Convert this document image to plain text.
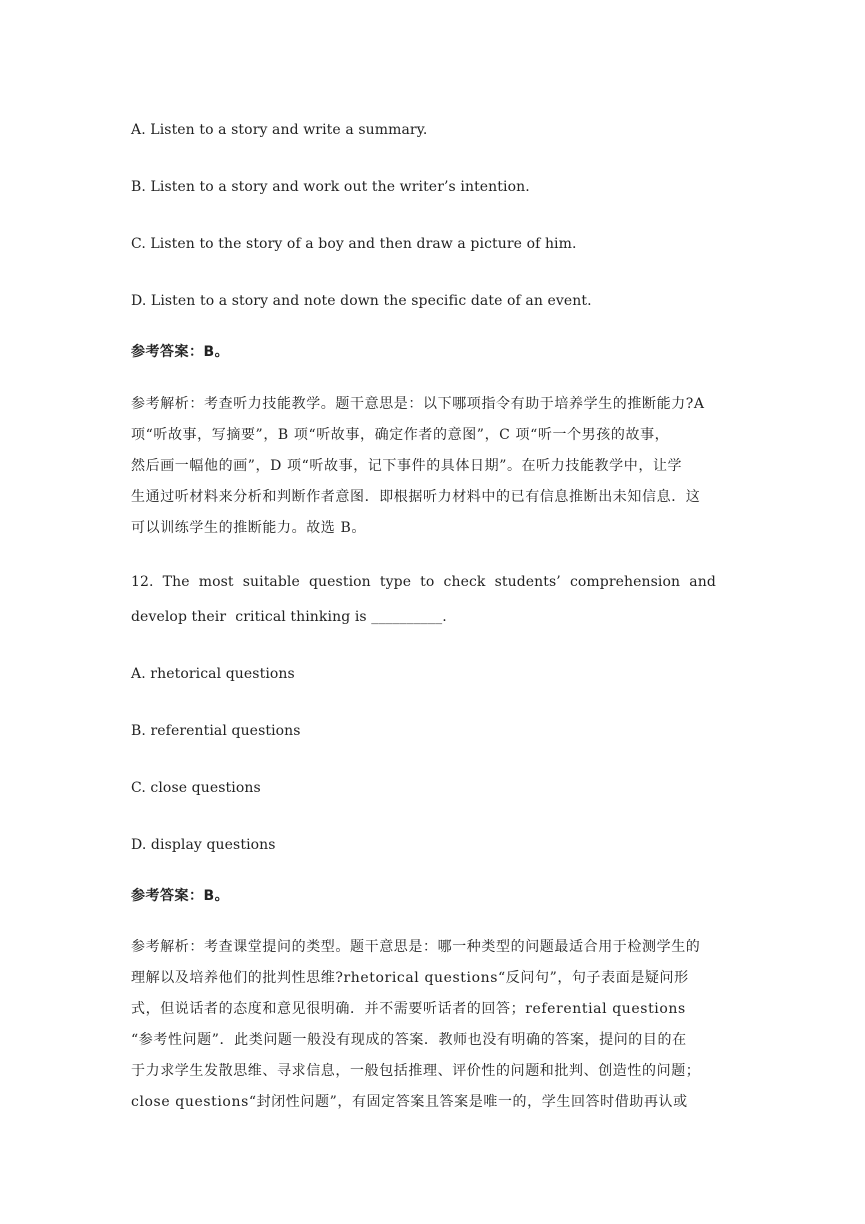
A. Listen to a story and write a summary.
B. Listen to a story and work out the writer’s intention.
C. Listen to the story of a boy and then draw a picture of him.
D. Listen to a story and note down the specific date of an event.
参考答案：B。
参考解析：考查听力技能教学。题干意思是：以下哪项指令有助于培养学生的推断能力?A
项“听故事，写摘要”，B 项“听故事，确定作者的意图”，C 项“听一个男孩的故事，
然后画一幅他的画”，D 项“听故事，记下事件的具体日期”。在听力技能教学中，让学
生通过听材料来分析和判断作者意图．即根据听力材料中的已有信息推断出未知信息．这
可以训练学生的推断能力。故选 B。
12.  The  most  suitable  question  type  to  check  students’  comprehension  and
develop their  critical thinking is __________.
A. rhetorical questions
B. referential questions
C. close questions
D. display questions
参考答案：B。
参考解析：考查课堂提问的类型。题干意思是：哪一种类型的问题最适合用于检测学生的
理解以及培养他们的批判性思维?rhetorical questions“反问句”，句子表面是疑问形
式，但说话者的态度和意见很明确．并不需要听话者的回答；referential questions
“参考性问题”．此类问题一般没有现成的答案．教师也没有明确的答案，提问的目的在
于力求学生发散思维、寻求信息，一般包括推理、评价性的问题和批判、创造性的问题；
close questions“封闭性问题”，有固定答案且答案是唯一的，学生回答时借助再认或
